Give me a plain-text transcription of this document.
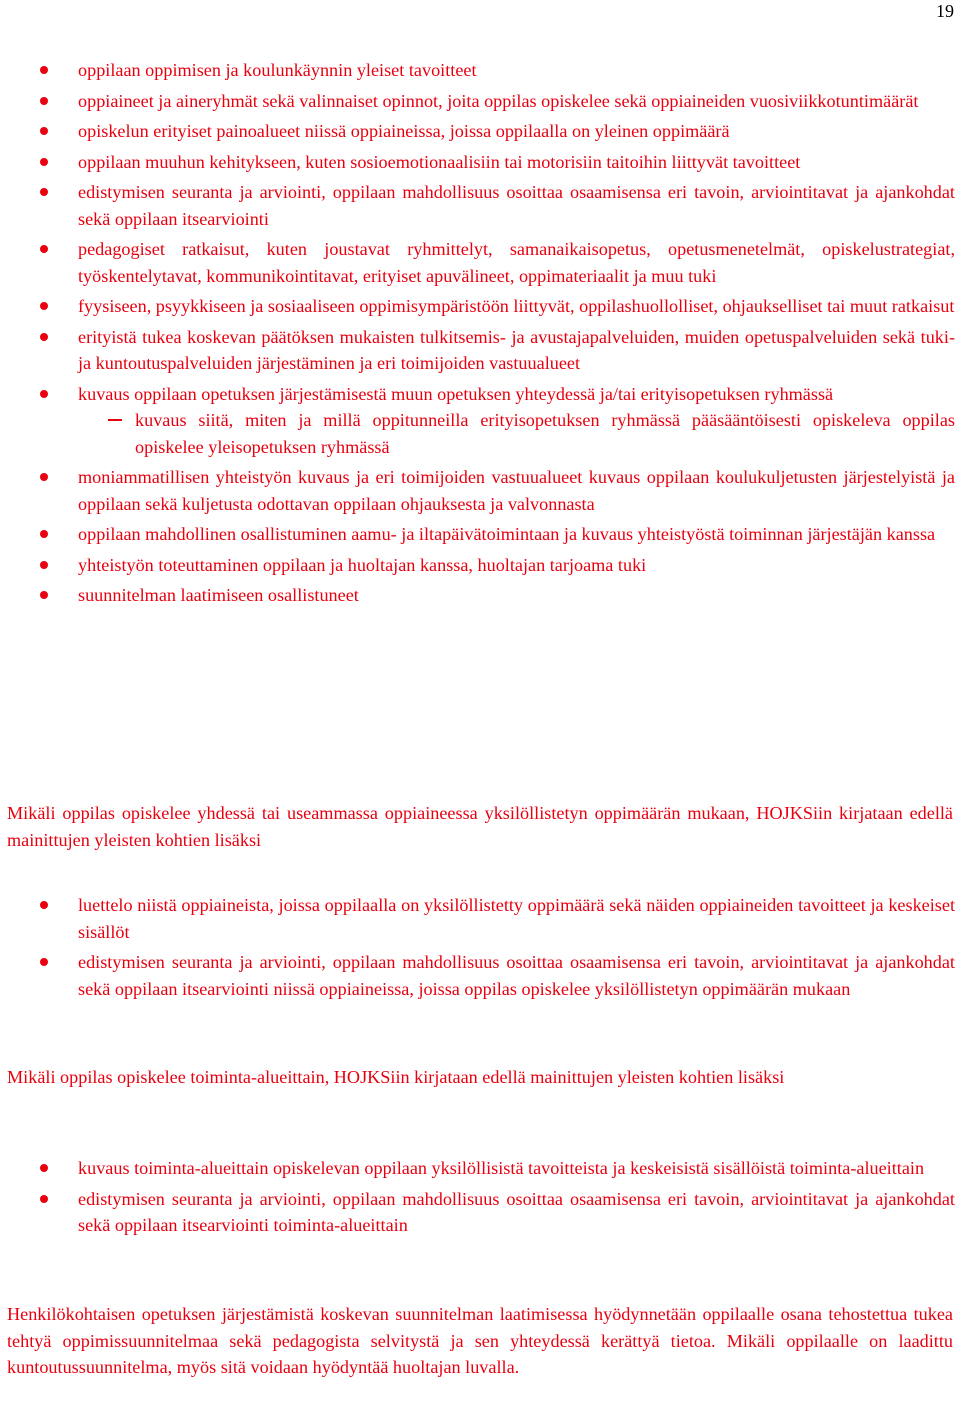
19
oppilaan oppimisen ja koulunkäynnin yleiset tavoitteet
oppiaineet ja aineryhmät sekä valinnaiset opinnot, joita oppilas opiskelee sekä oppiaineiden vuosiviikkotuntimäärät
opiskelun erityiset painoalueet niissä oppiaineissa, joissa oppilaalla on yleinen oppimäärä
oppilaan muuhun kehitykseen, kuten sosioemotionaalisiin tai motorisiin taitoihin liittyvät tavoitteet
edistymisen seuranta ja arviointi, oppilaan mahdollisuus osoittaa osaamisensa eri tavoin, arviointitavat ja ajankohdat sekä oppilaan itsearviointi
pedagogiset ratkaisut, kuten joustavat ryhmittelyt, samanaikaisopetus, opetusmenetelmät, opiskelustrategiat, työskentelytavat, kommunikointitavat, erityiset apuvälineet, oppimateriaalit ja muu tuki
fyysiseen, psyykkiseen ja sosiaaliseen oppimisympäristöön liittyvät, oppilashuollolliset, ohjaukselliset tai muut ratkaisut
erityistä tukea koskevan päätöksen mukaisten tulkitsemis- ja avustajapalveluiden, muiden opetuspalveluiden sekä tuki- ja kuntoutuspalveluiden järjestäminen ja eri toimijoiden vastuualueet
kuvaus oppilaan opetuksen järjestämisestä muun opetuksen yhteydessä ja/tai erityisopetuksen ryhmässä
kuvaus siitä, miten ja millä oppitunneilla erityisopetuksen ryhmässä pääsääntöisesti opiskeleva oppilas opiskelee yleisopetuksen ryhmässä
moniammatillisen yhteistyön kuvaus ja eri toimijoiden vastuualueet kuvaus oppilaan koulukuljetusten järjestelyistä ja oppilaan sekä kuljetusta odottavan oppilaan ohjauksesta ja valvonnasta
oppilaan mahdollinen osallistuminen aamu- ja iltapäivätoimintaan ja kuvaus yhteistyöstä toiminnan järjestäjän kanssa
yhteistyön toteuttaminen oppilaan ja huoltajan kanssa, huoltajan tarjoama tuki
suunnitelman laatimiseen osallistuneet

Mikäli oppilas opiskelee yhdessä tai useammassa oppiaineessa yksilöllistetyn oppimäärän mukaan, HOJKSiin kirjataan edellä mainittujen yleisten kohtien lisäksi

luettelo niistä oppiaineista, joissa oppilaalla on yksilöllistetty oppimäärä sekä näiden oppiaineiden tavoitteet ja keskeiset sisällöt
edistymisen seuranta ja arviointi, oppilaan mahdollisuus osoittaa osaamisensa eri tavoin, arviointitavat ja ajankohdat sekä oppilaan itsearviointi niissä oppiaineissa, joissa oppilas opiskelee yksilöllistetyn oppimäärän mukaan

Mikäli oppilas opiskelee toiminta-alueittain, HOJKSiin kirjataan edellä mainittujen yleisten kohtien lisäksi

kuvaus toiminta-alueittain opiskelevan oppilaan yksilöllisistä tavoitteista ja keskeisistä sisällöistä toiminta-alueittain
edistymisen seuranta ja arviointi, oppilaan mahdollisuus osoittaa osaamisensa eri tavoin, arviointitavat ja ajankohdat sekä oppilaan itsearviointi toiminta-alueittain

Henkilökohtaisen opetuksen järjestämistä koskevan suunnitelman laatimisessa hyödynnetään oppilaalle osana tehostettua tukea tehtyä oppimissuunnitelmaa sekä pedagogista selvitystä ja sen yhteydessä kerättyä tietoa. Mikäli oppilaalle on laadittu kuntoutussuunnitelma, myös sitä voidaan hyödyntää huoltajan luvalla.
